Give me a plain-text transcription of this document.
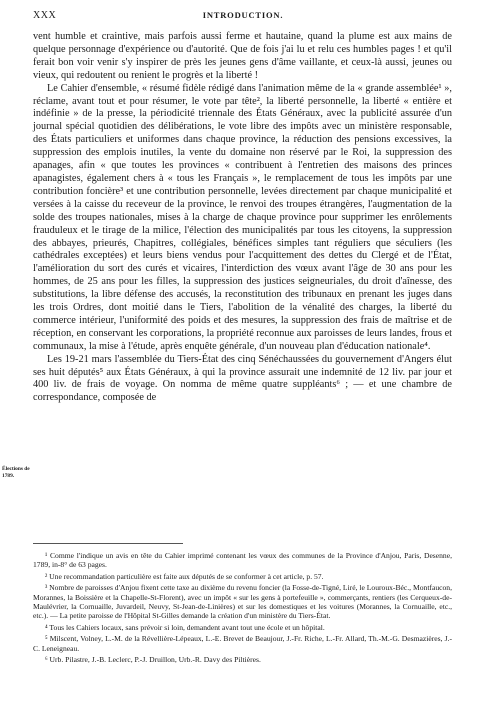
XXX	INTRODUCTION.

vent humble et craintive, mais parfois aussi ferme et hautaine, quand la plume est aux mains de quelque personnage d'expérience ou d'autorité. Que de fois j'ai lu et relu ces humbles pages ! et qu'il ferait bon voir venir s'y inspirer de près les jeunes gens d'âme vaillante, et ceux-là aussi, jeunes ou vieux, qui redoutent ou renient le progrès et la liberté !

Le Cahier d'ensemble, « résumé fidèle rédigé dans l'animation même de la « grande assemblée¹ », réclame, avant tout et pour résumer, le vote par tête², la liberté personnelle, la liberté « entière et indéfinie » de la presse, la périodicité triennale des États Généraux, avec la publicité assurée d'un journal spécial quotidien des délibérations, le vote libre des impôts avec un ministère responsable, des États particuliers et uniformes dans chaque province, la réduction des pensions excessives, la suppression des emplois inutiles, la vente du domaine non réservé par le Roi, la suppression des apanages, afin « que toutes les provinces « contribuent à l'entretien des maisons des princes apanagistes, également chers à « tous les Français », le remplacement de tous les impôts par une contribution foncière³ et une contribution personnelle, levées directement par chaque municipalité et versées à la caisse du receveur de la province, le renvoi des troupes étrangères, l'augmentation de la solde des troupes nationales, mises à la charge de chaque province pour supprimer les enrôlements frauduleux et le tirage de la milice, l'élection des municipalités par tous les citoyens, la suppression des abbayes, prieurés, Chapitres, collégiales, bénéfices simples tant réguliers que séculiers (les cathédrales exceptées) et leurs biens vendus pour l'acquittement des dettes du Clergé et de l'État, l'amélioration du sort des curés et vicaires, l'interdiction des vœux avant l'âge de 30 ans pour les hommes, de 25 ans pour les filles, la suppression des justices seigneuriales, du droit d'aînesse, des substitutions, la libre défense des accusés, la reconstitution des tribunaux en prenant les juges dans les trois Ordres, dont moitié dans le Tiers, l'abolition de la vénalité des charges, la liberté du commerce intérieur, l'uniformité des poids et des mesures, la suppression des frais de maîtrise et de réception, en conservant les corporations, la propriété reconnue aux paroisses de leurs landes, frous et communaux, la mise à l'étude, après enquête générale, d'un nouveau plan d'éducation nationale⁴.

Les 19-21 mars l'assemblée du Tiers-État des cinq Sénéchaussées du gouvernement d'Angers élut ses huit députés⁵ aux États Généraux, à qui la province assurait une indemnité de 12 liv. par jour et 400 liv. de frais de voyage. On nomma de même quatre suppléants⁶ ; — et une chambre de correspondance, composée de

Élections de 1789.

¹ Comme l'indique un avis en tête du Cahier imprimé contenant les vœux des communes de la Province d'Anjou, Paris, Desenne, 1789, in-8° de 63 pages.

² Une recommandation particulière est faite aux députés de se conformer à cet article, p. 57.

³ Nombre de paroisses d'Anjou fixent cette taxe au dixième du revenu foncier (la Fosse-de-Tigné, Liré, le Louroux-Béc., Montfaucon, Morannes, la Boissière et la Chapelle-St-Florent), avec un impôt « sur les gens à portefeuille », commerçants, rentiers (les Cerqueux-de-Maulévrier, la Cornuaille, Juvardeil, Neuvy, St-Jean-de-Linières) et sur les domestiques et les voitures (Morannes, la Cornuaille, etc., etc.). — La petite paroisse de l'Hôpital St-Gilles demande la création d'un ministère du Tiers-État.

⁴ Tous les Cahiers locaux, sans prévoir si loin, demandent avant tout une école et un hôpital.

⁵ Milscent, Volney, L.-M. de la Révellière-Lépeaux, L.-E. Brevet de Beaujour, J.-Fr. Riche, L.-Fr. Allard, Th.-M.-G. Desmazières, J.-C. Leneigneau.

⁶ Urb. Pilastre, J.-B. Leclerc, P.-J. Druillon, Urb.-R. Davy des Piltières.
